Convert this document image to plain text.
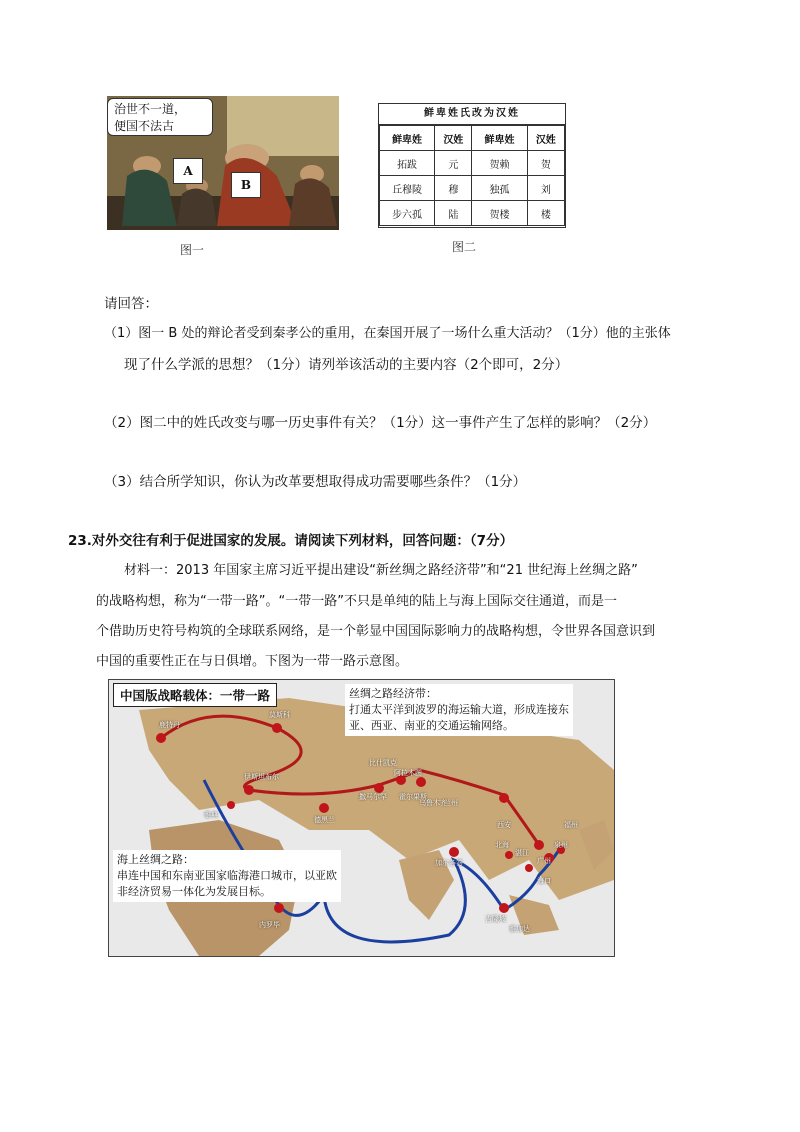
治世不一道，
便国不法古
A
B
图一
鲜卑姓氏改为汉姓
鲜卑姓	汉姓	鲜卑姓	汉姓
拓跋	元	贺赖	贺
丘穆陵	穆	独孤	刘
步六孤	陆	贺楼	楼
图二
请回答：
（1）图一 B 处的辩论者受到秦孝公的重用，在秦国开展了一场什么重大活动？（1分）他的主张体
现了什么学派的思想？（1分）请列举该活动的主要内容（2个即可，2分）
（2）图二中的姓氏改变与哪一历史事件有关？（1分）这一事件产生了怎样的影响？（2分）
（3）结合所学知识，你认为改革要想取得成功需要哪些条件？（1分）
23.对外交往有利于促进国家的发展。请阅读下列材料，回答问题：（7分）
材料一：2013 年国家主席习近平提出建设“新丝绸之路经济带”和“21 世纪海上丝绸之路”
的战略构想，称为“一带一路”。“一带一路”不只是单纯的陆上与海上国际交往通道，而是一
个借助历史符号构筑的全球联系网络，是一个彰显中国国际影响力的战略构想，令世界各国意识到
中国的重要性正在与日俱增。下图为一带一路示意图。
中国版战略载体：一带一路	丝绸之路经济带：
打通太平洋到波罗的海运输大道，形成连接东
亚、西亚、南亚的交通运输网络。
海上丝绸之路：
串连中国和东南亚国家临海港口城市，以亚欧
非经济贸易一体化为发展目标。
莫斯科
鹿特丹
伊斯坦布尔
雅典
德黑兰
撒马尔罕
比什凯克
阿拉木图
霍尔果斯
乌鲁木齐
兰州
西安
北海
湛江
广州
泉州
福州
海口
加尔各答
内罗毕
吉隆坡
雅加达
